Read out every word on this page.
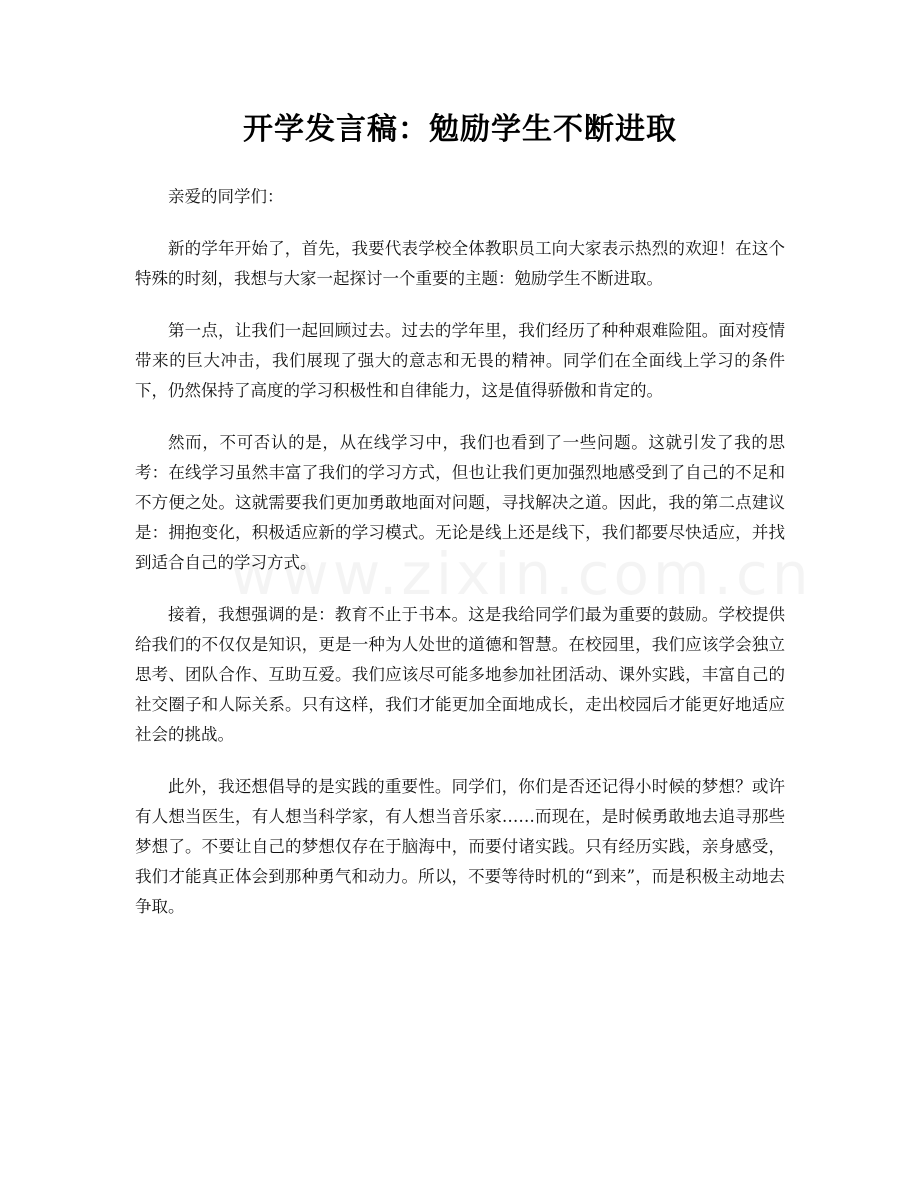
开学发言稿：勉励学生不断进取

亲爱的同学们：

新的学年开始了，首先，我要代表学校全体教职员工向大家表示热烈的欢迎！在这个特殊的时刻，我想与大家一起探讨一个重要的主题：勉励学生不断进取。

第一点，让我们一起回顾过去。过去的学年里，我们经历了种种艰难险阻。面对疫情带来的巨大冲击，我们展现了强大的意志和无畏的精神。同学们在全面线上学习的条件下，仍然保持了高度的学习积极性和自律能力，这是值得骄傲和肯定的。

然而，不可否认的是，从在线学习中，我们也看到了一些问题。这就引发了我的思考：在线学习虽然丰富了我们的学习方式，但也让我们更加强烈地感受到了自己的不足和不方便之处。这就需要我们更加勇敢地面对问题，寻找解决之道。因此，我的第二点建议是：拥抱变化，积极适应新的学习模式。无论是线上还是线下，我们都要尽快适应，并找到适合自己的学习方式。

接着，我想强调的是：教育不止于书本。这是我给同学们最为重要的鼓励。学校提供给我们的不仅仅是知识，更是一种为人处世的道德和智慧。在校园里，我们应该学会独立思考、团队合作、互助互爱。我们应该尽可能多地参加社团活动、课外实践，丰富自己的社交圈子和人际关系。只有这样，我们才能更加全面地成长，走出校园后才能更好地适应社会的挑战。

此外，我还想倡导的是实践的重要性。同学们，你们是否还记得小时候的梦想？或许有人想当医生，有人想当科学家，有人想当音乐家……而现在，是时候勇敢地去追寻那些梦想了。不要让自己的梦想仅存在于脑海中，而要付诸实践。只有经历实践，亲身感受，我们才能真正体会到那种勇气和动力。所以，不要等待时机的“到来”，而是积极主动地去争取。
